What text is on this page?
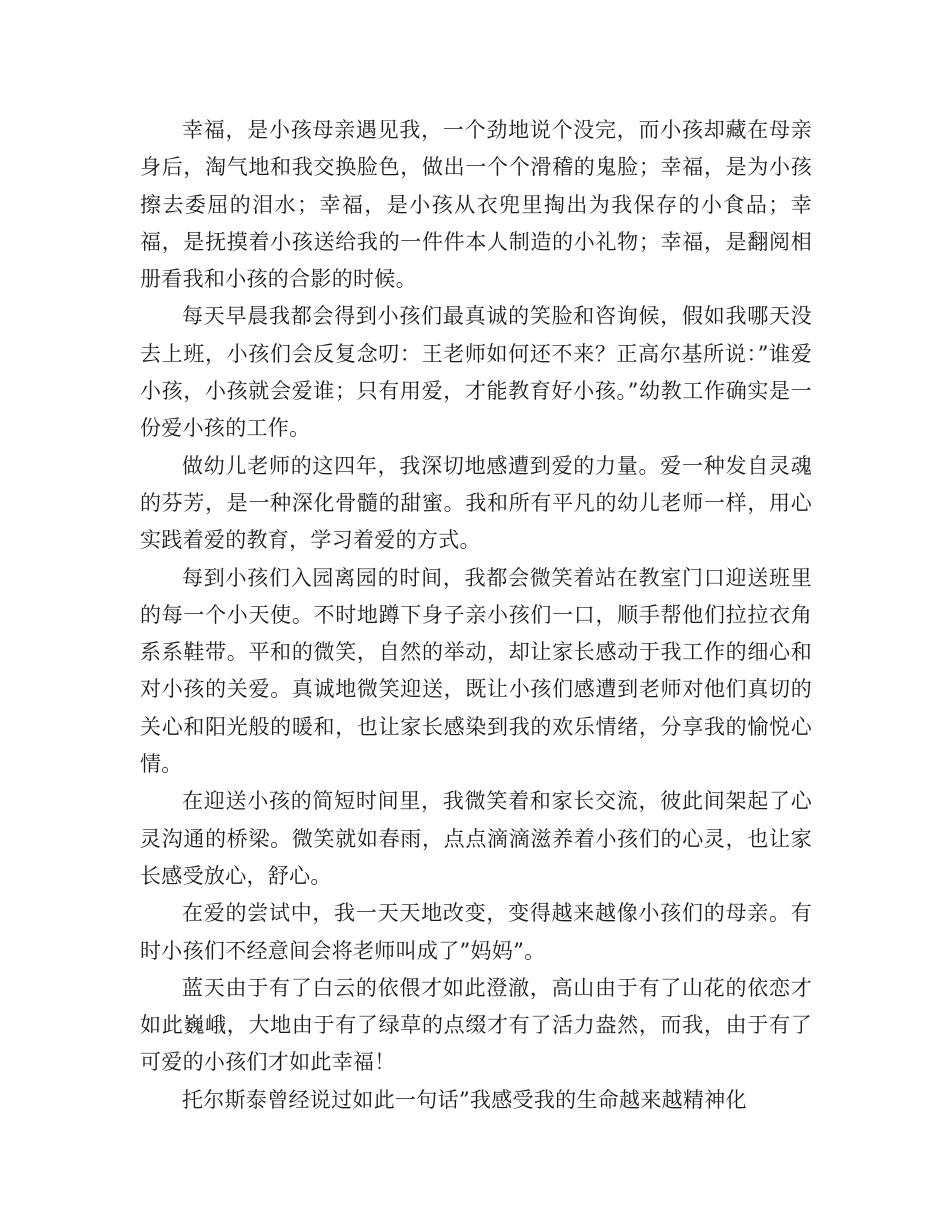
幸福，是小孩母亲遇见我，一个劲地说个没完，而小孩却藏在母亲身后，淘气地和我交换脸色，做出一个个滑稽的鬼脸；幸福，是为小孩擦去委屈的泪水；幸福，是小孩从衣兜里掏出为我保存的小食品；幸福，是抚摸着小孩送给我的一件件本人制造的小礼物；幸福，是翻阅相册看我和小孩的合影的时候。

每天早晨我都会得到小孩们最真诚的笑脸和咨询候，假如我哪天没去上班，小孩们会反复念叨：王老师如何还不来？正高尔基所说：”谁爱小孩，小孩就会爱谁；只有用爱，才能教育好小孩。”幼教工作确实是一份爱小孩的工作。

做幼儿老师的这四年，我深切地感遭到爱的力量。爱一种发自灵魂的芬芳，是一种深化骨髓的甜蜜。我和所有平凡的幼儿老师一样，用心实践着爱的教育，学习着爱的方式。

每到小孩们入园离园的时间，我都会微笑着站在教室门口迎送班里的每一个小天使。不时地蹲下身子亲小孩们一口，顺手帮他们拉拉衣角系系鞋带。平和的微笑，自然的举动，却让家长感动于我工作的细心和对小孩的关爱。真诚地微笑迎送，既让小孩们感遭到老师对他们真切的关心和阳光般的暖和，也让家长感染到我的欢乐情绪，分享我的愉悦心情。

在迎送小孩的简短时间里，我微笑着和家长交流，彼此间架起了心灵沟通的桥梁。微笑就如春雨，点点滴滴滋养着小孩们的心灵，也让家长感受放心，舒心。

在爱的尝试中，我一天天地改变，变得越来越像小孩们的母亲。有时小孩们不经意间会将老师叫成了”妈妈”。

蓝天由于有了白云的依偎才如此澄澈，高山由于有了山花的依恋才如此巍峨，大地由于有了绿草的点缀才有了活力盎然，而我，由于有了可爱的小孩们才如此幸福！

托尔斯泰曾经说过如此一句话”我感受我的生命越来越精神化
